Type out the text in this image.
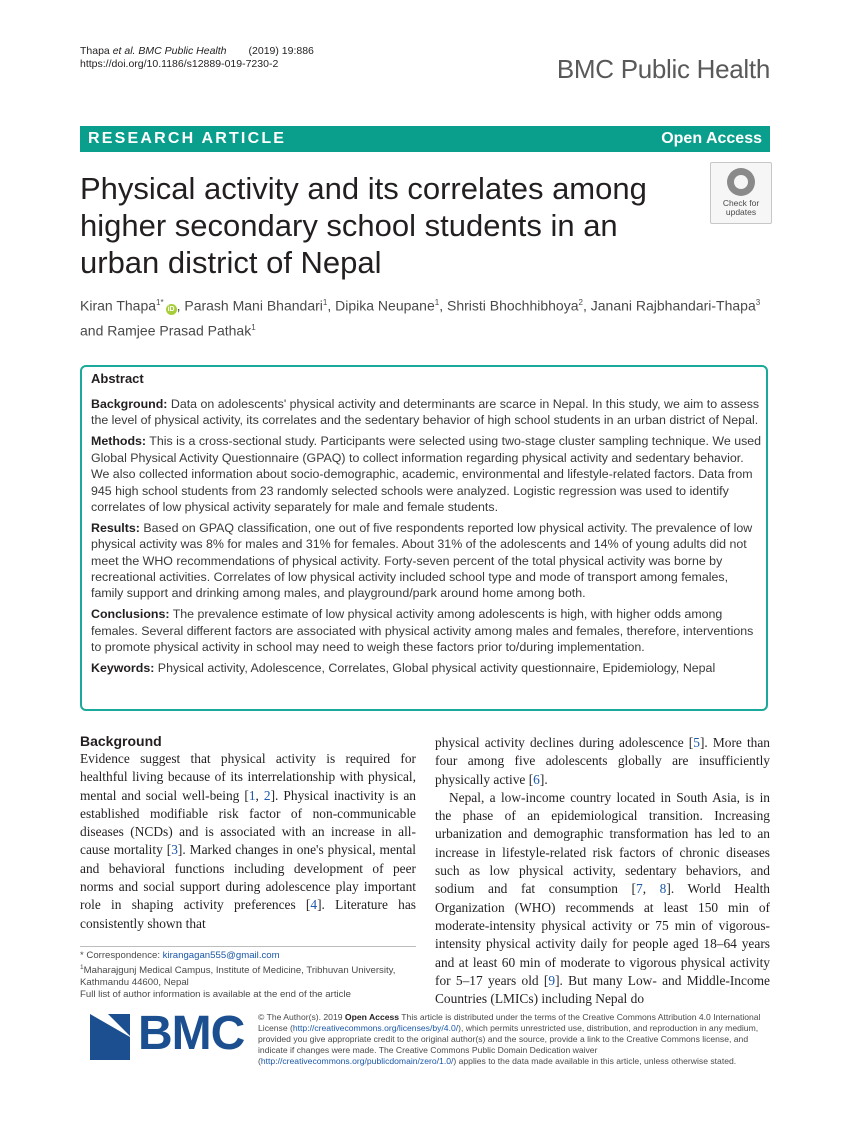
Thapa et al. BMC Public Health (2019) 19:886
https://doi.org/10.1186/s12889-019-7230-2	BMC Public Health
RESEARCH ARTICLE	Open Access
Physical activity and its correlates among higher secondary school students in an urban district of Nepal
Check for
updates
Kiran Thapa$^{1*}$iD , Parash Mani Bhandari$^1$, Dipika Neupane$^1$, Shristi Bhochhibhoya$^2$, Janani Rajbhandari-Thapa$^3$ and Ramjee Prasad Pathak$^1$
Abstract

Background: Data on adolescents' physical activity and determinants are scarce in Nepal. In this study, we aim to assess the level of physical activity, its correlates and the sedentary behavior of high school students in an urban district of Nepal.

Methods: This is a cross-sectional study. Participants were selected using two-stage cluster sampling technique. We used Global Physical Activity Questionnaire (GPAQ) to collect information regarding physical activity and sedentary behavior. We also collected information about socio-demographic, academic, environmental and lifestyle-related factors. Data from 945 high school students from 23 randomly selected schools were analyzed. Logistic regression was used to identify correlates of low physical activity separately for male and female students.

Results: Based on GPAQ classification, one out of five respondents reported low physical activity. The prevalence of low physical activity was 8% for males and 31% for females. About 31% of the adolescents and 14% of young adults did not meet the WHO recommendations of physical activity. Forty-seven percent of the total physical activity was borne by recreational activities. Correlates of low physical activity included school type and mode of transport among females, family support and drinking among males, and playground/park around home among both.

Conclusions: The prevalence estimate of low physical activity among adolescents is high, with higher odds among females. Several different factors are associated with physical activity among males and females, therefore, interventions to promote physical activity in school may need to weigh these factors prior to/during implementation.

Keywords: Physical activity, Adolescence, Correlates, Global physical activity questionnaire, Epidemiology, Nepal

Background

Evidence suggest that physical activity is required for healthful living because of its interrelationship with physical, mental and social well-being [1, 2]. Physical inactivity is an established modifiable risk factor of non-communicable diseases (NCDs) and is associated with an increase in all-cause mortality [3]. Marked changes in one's physical, mental and behavioral functions including development of peer norms and social support during adolescence play important role in shaping activity preferences [4]. Literature has consistently shown that

physical activity declines during adolescence [5]. More than four among five adolescents globally are insufficiently physically active [6].

Nepal, a low-income country located in South Asia, is in the phase of an epidemiological transition. Increasing urbanization and demographic transformation has led to an increase in lifestyle-related risk factors of chronic diseases such as low physical activity, sedentary behaviors, and sodium and fat consumption [7, 8]. World Health Organization (WHO) recommends at least 150 min of moderate-intensity physical activity or 75 min of vigorous-intensity physical activity daily for people aged 18–64 years and at least 60 min of moderate to vigorous physical activity for 5–17 years old [9]. But many Low- and Middle-Income Countries (LMICs) including Nepal do

* Correspondence: kirangagan555@gmail.com
$^1$Maharajgunj Medical Campus, Institute of Medicine, Tribhuvan University, Kathmandu 44600, Nepal
Full list of author information is available at the end of the article
BMC © The Author(s). 2019 Open Access This article is distributed under the terms of the Creative Commons Attribution 4.0 International License (http://creativecommons.org/licenses/by/4.0/), which permits unrestricted use, distribution, and reproduction in any medium, provided you give appropriate credit to the original author(s) and the source, provide a link to the Creative Commons license, and indicate if changes were made. The Creative Commons Public Domain Dedication waiver (http://creativecommons.org/publicdomain/zero/1.0/) applies to the data made available in this article, unless otherwise stated.
